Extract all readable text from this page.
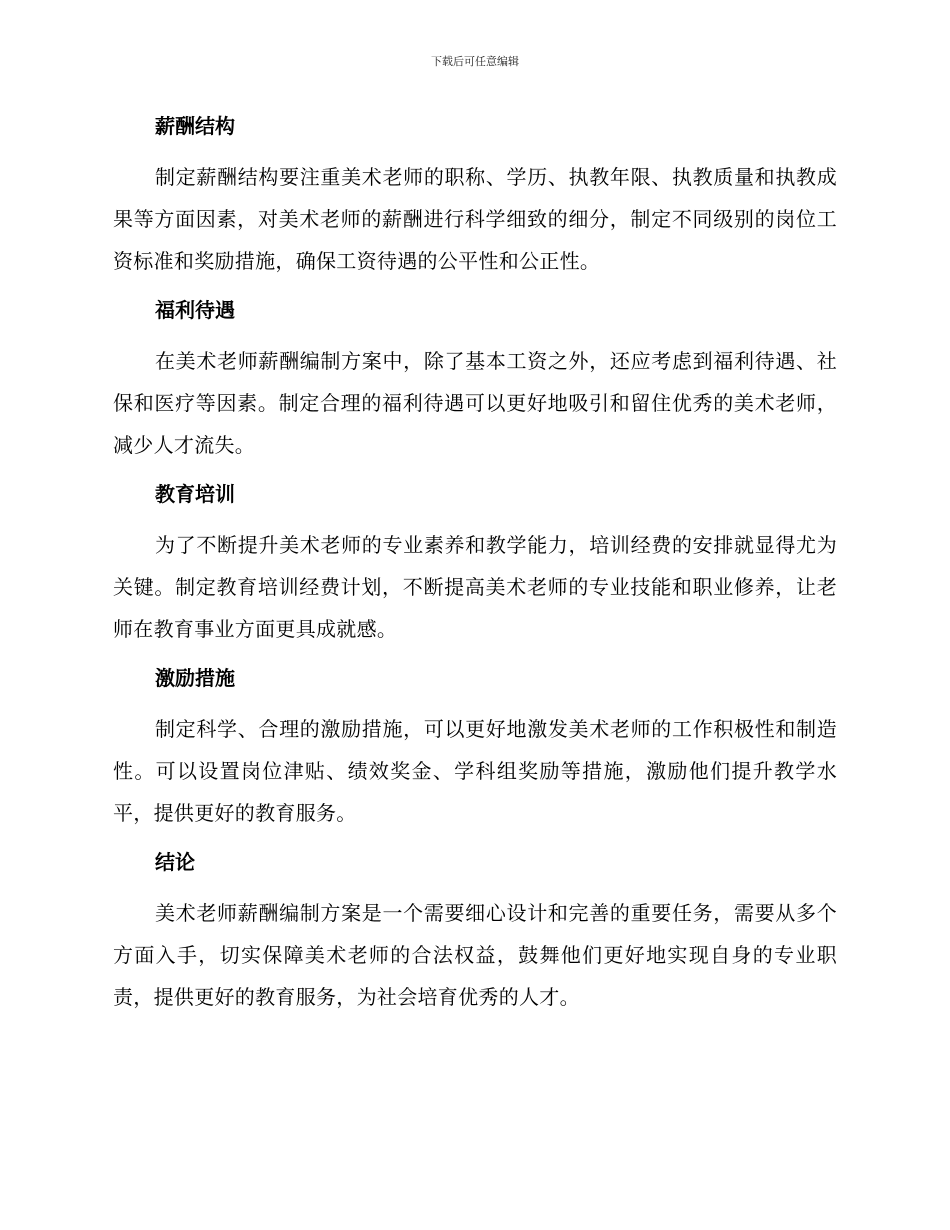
下载后可任意编辑
薪酬结构

制定薪酬结构要注重美术老师的职称、学历、执教年限、执教质量和执教成果等方面因素，对美术老师的薪酬进行科学细致的细分，制定不同级别的岗位工资标准和奖励措施，确保工资待遇的公平性和公正性。

福利待遇

在美术老师薪酬编制方案中，除了基本工资之外，还应考虑到福利待遇、社保和医疗等因素。制定合理的福利待遇可以更好地吸引和留住优秀的美术老师，减少人才流失。

教育培训

为了不断提升美术老师的专业素养和教学能力，培训经费的安排就显得尤为关键。制定教育培训经费计划，不断提高美术老师的专业技能和职业修养，让老师在教育事业方面更具成就感。

激励措施

制定科学、合理的激励措施，可以更好地激发美术老师的工作积极性和制造性。可以设置岗位津贴、绩效奖金、学科组奖励等措施，激励他们提升教学水平，提供更好的教育服务。

结论

美术老师薪酬编制方案是一个需要细心设计和完善的重要任务，需要从多个方面入手，切实保障美术老师的合法权益，鼓舞他们更好地实现自身的专业职责，提供更好的教育服务，为社会培育优秀的人才。
